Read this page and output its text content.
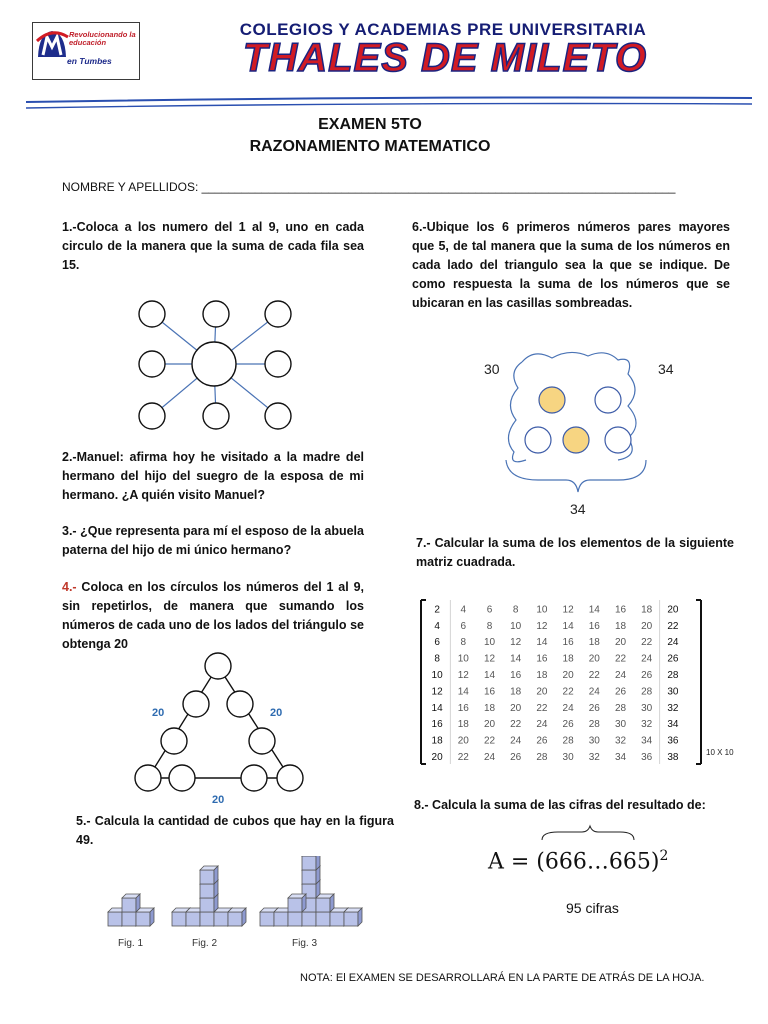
Revolucionando la educación
en Tumbes
COLEGIOS Y ACADEMIAS PRE UNIVERSITARIA
THALES DE MILETO
EXAMEN 5TO
RAZONAMIENTO MATEMATICO
NOMBRE Y APELLIDOS: _______________________________________________________________________
1.-Coloca a los numero del 1 al 9, uno en cada circulo de la manera que la suma de cada fila sea 15.
2.-Manuel: afirma hoy he visitado a la madre del hermano del hijo del suegro de la esposa de mi hermano. ¿A quién visito Manuel?
3.- ¿Que representa para mí el esposo de la abuela paterna del hijo de mi único hermano?
4.- Coloca en los círculos los números del 1 al 9, sin repetirlos, de manera que sumando los números de cada uno de los lados del triángulo se obtenga 20
20	20
20
5.- Calcula la cantidad de cubos que hay en la figura 49.
Fig. 1	Fig. 2	Fig. 3
6.-Ubique los 6 primeros números pares mayores que 5, de tal manera que la suma de los números en cada lado del triangulo sea la que se indique. De como respuesta la suma de los números que se ubicaran en las casillas sombreadas.
30	34
34
7.- Calcular la suma de los elementos de la siguiente matriz cuadrada.
2 4 6 8 10 12 14 16 18 20
4 6 8 10 12 14 16 18 20 22
6 8 10 12 14 16 18 20 22 24
8 10 12 14 16 18 20 22 24 26
10 12 14 16 18 20 22 24 26 28
12 14 16 18 20 22 24 26 28 30
14 16 18 20 22 24 26 28 30 32
16 18 20 22 24 26 28 30 32 34
18 20 22 24 26 28 30 32 34 36
20 22 24 26 28 30 32 34 36 38	10 X 10
8.- Calcula la suma de las cifras del resultado de:
A = (666…665)$^2$
95 cifras
NOTA: El EXAMEN SE DESARROLLARÁ EN LA PARTE DE ATRÁS DE LA HOJA.
